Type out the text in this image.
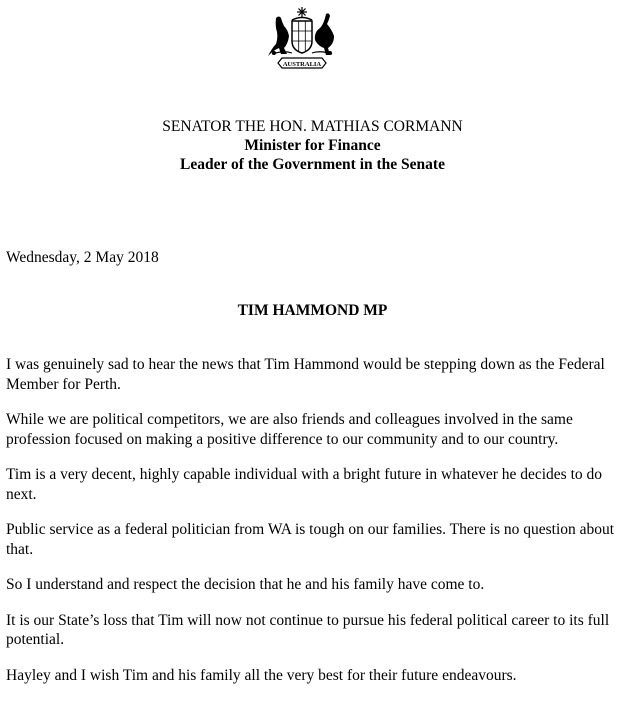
AUSTRALIA
SENATOR THE HON. MATHIAS CORMANN
Minister for Finance
Leader of the Government in the Senate
Wednesday, 2 May 2018
TIM HAMMOND MP

I was genuinely sad to hear the news that Tim Hammond would be stepping down as the Federal Member for Perth.

While we are political competitors, we are also friends and colleagues involved in the same profession focused on making a positive difference to our community and to our country.

Tim is a very decent, highly capable individual with a bright future in whatever he decides to do next.

Public service as a federal politician from WA is tough on our families. There is no question about that.

So I understand and respect the decision that he and his family have come to.

It is our State’s loss that Tim will now not continue to pursue his federal political career to its full potential.

Hayley and I wish Tim and his family all the very best for their future endeavours.
